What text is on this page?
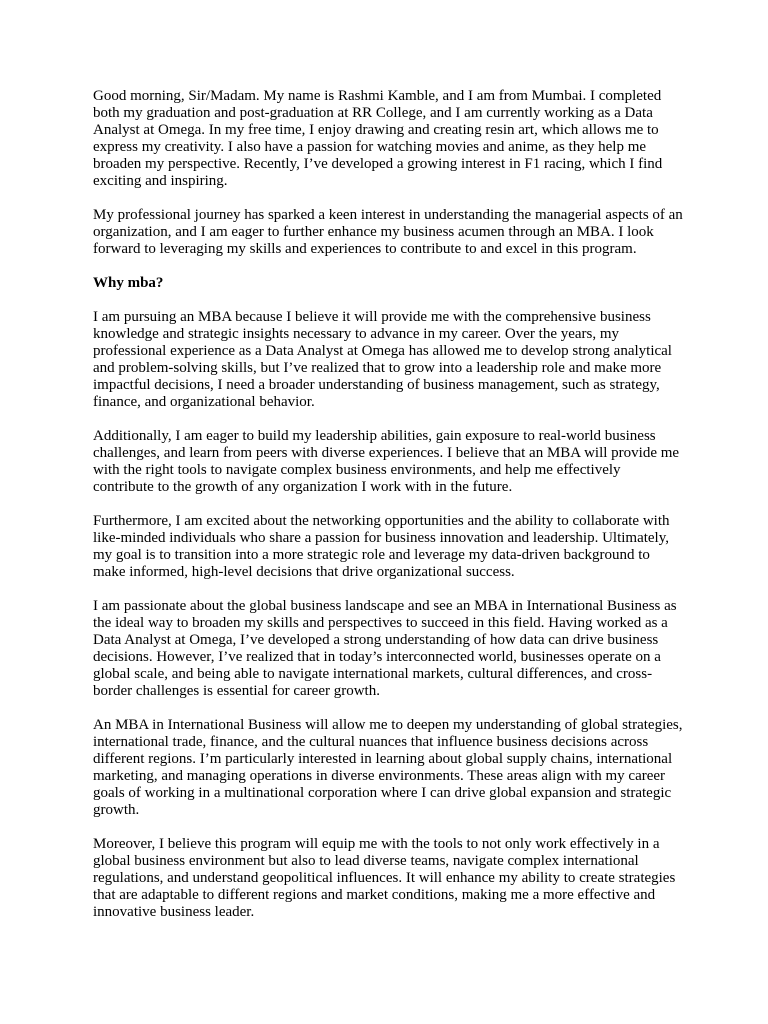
Good morning, Sir/Madam. My name is Rashmi Kamble, and I am from Mumbai. I completed both my graduation and post-graduation at RR College, and I am currently working as a Data Analyst at Omega. In my free time, I enjoy drawing and creating resin art, which allows me to express my creativity. I also have a passion for watching movies and anime, as they help me broaden my perspective. Recently, I’ve developed a growing interest in F1 racing, which I find exciting and inspiring.

My professional journey has sparked a keen interest in understanding the managerial aspects of an organization, and I am eager to further enhance my business acumen through an MBA. I look forward to leveraging my skills and experiences to contribute to and excel in this program.

Why mba?

I am pursuing an MBA because I believe it will provide me with the comprehensive business knowledge and strategic insights necessary to advance in my career. Over the years, my professional experience as a Data Analyst at Omega has allowed me to develop strong analytical and problem-solving skills, but I’ve realized that to grow into a leadership role and make more impactful decisions, I need a broader understanding of business management, such as strategy, finance, and organizational behavior.

Additionally, I am eager to build my leadership abilities, gain exposure to real-world business challenges, and learn from peers with diverse experiences. I believe that an MBA will provide me with the right tools to navigate complex business environments, and help me effectively contribute to the growth of any organization I work with in the future.

Furthermore, I am excited about the networking opportunities and the ability to collaborate with like-minded individuals who share a passion for business innovation and leadership. Ultimately, my goal is to transition into a more strategic role and leverage my data-driven background to make informed, high-level decisions that drive organizational success.

I am passionate about the global business landscape and see an MBA in International Business as the ideal way to broaden my skills and perspectives to succeed in this field. Having worked as a Data Analyst at Omega, I’ve developed a strong understanding of how data can drive business decisions. However, I’ve realized that in today’s interconnected world, businesses operate on a global scale, and being able to navigate international markets, cultural differences, and cross-border challenges is essential for career growth.

An MBA in International Business will allow me to deepen my understanding of global strategies, international trade, finance, and the cultural nuances that influence business decisions across different regions. I’m particularly interested in learning about global supply chains, international marketing, and managing operations in diverse environments. These areas align with my career goals of working in a multinational corporation where I can drive global expansion and strategic growth.

Moreover, I believe this program will equip me with the tools to not only work effectively in a global business environment but also to lead diverse teams, navigate complex international regulations, and understand geopolitical influences. It will enhance my ability to create strategies that are adaptable to different regions and market conditions, making me a more effective and innovative business leader.
